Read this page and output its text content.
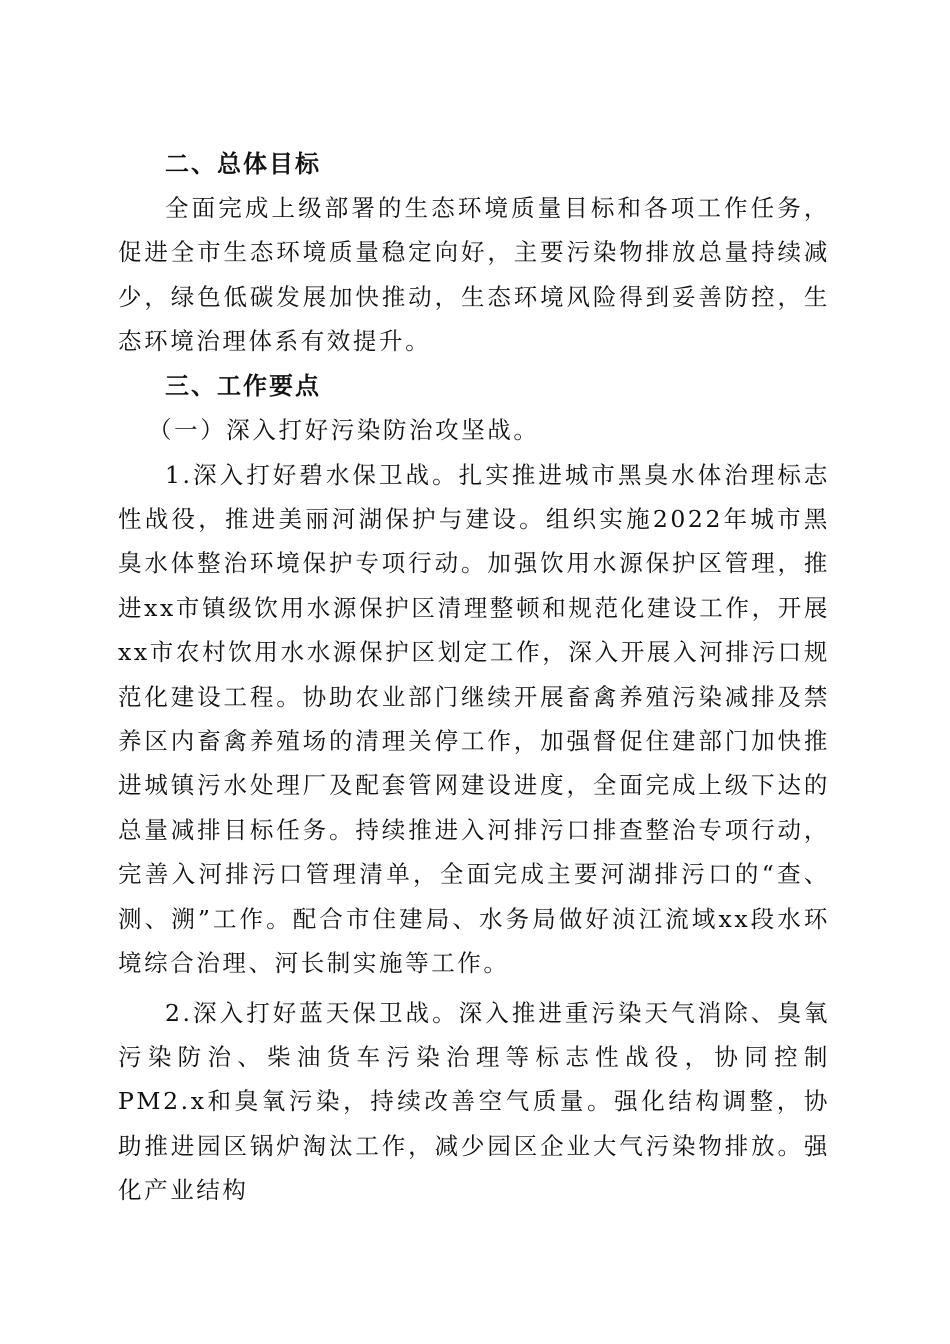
二、总体目标

全面完成上级部署的生态环境质量目标和各项工作任务，促进全市生态环境质量稳定向好，主要污染物排放总量持续减少，绿色低碳发展加快推动，生态环境风险得到妥善防控，生态环境治理体系有效提升。

三、工作要点

（一）深入打好污染防治攻坚战。

1.深入打好碧水保卫战。扎实推进城市黑臭水体治理标志性战役，推进美丽河湖保护与建设。组织实施2022年城市黑臭水体整治环境保护专项行动。加强饮用水源保护区管理，推进xx市镇级饮用水源保护区清理整顿和规范化建设工作，开展xx市农村饮用水水源保护区划定工作，深入开展入河排污口规范化建设工程。协助农业部门继续开展畜禽养殖污染减排及禁养区内畜禽养殖场的清理关停工作，加强督促住建部门加快推进城镇污水处理厂及配套管网建设进度，全面完成上级下达的总量减排目标任务。持续推进入河排污口排查整治专项行动，完善入河排污口管理清单，全面完成主要河湖排污口的“查、测、溯”工作。配合市住建局、水务局做好浈江流域xx段水环境综合治理、河长制实施等工作。

2.深入打好蓝天保卫战。深入推进重污染天气消除、臭氧污染防治、柴油货车污染治理等标志性战役，协同控制PM2.x和臭氧污染，持续改善空气质量。强化结构调整，协助推进园区锅炉淘汰工作，减少园区企业大气污染物排放。强化产业结构
